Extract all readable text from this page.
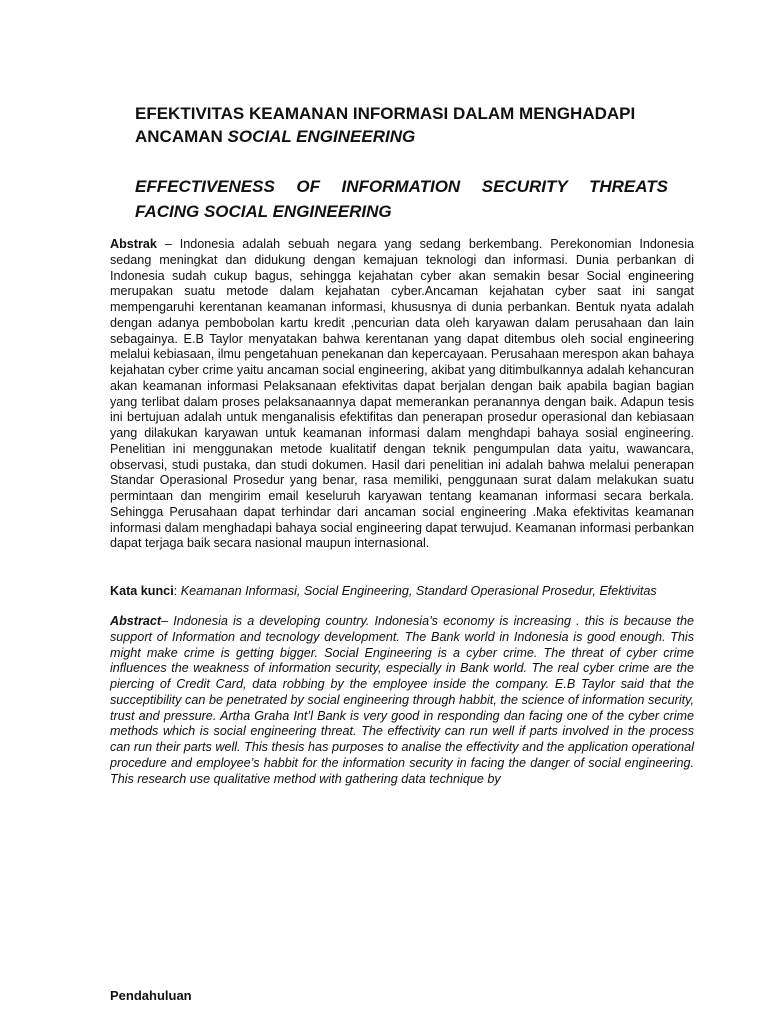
EFEKTIVITAS KEAMANAN INFORMASI DALAM MENGHADAPI ANCAMAN SOCIAL ENGINEERING
EFFECTIVENESS OF INFORMATION SECURITY THREATS FACING SOCIAL ENGINEERING

Abstrak – Indonesia adalah sebuah negara yang sedang berkembang. Perekonomian Indonesia sedang meningkat dan didukung dengan kemajuan teknologi dan informasi. Dunia perbankan di Indonesia sudah cukup bagus, sehingga kejahatan cyber akan semakin besar Social engineering merupakan suatu metode dalam kejahatan cyber.Ancaman kejahatan cyber saat ini sangat mempengaruhi kerentanan keamanan informasi, khususnya di dunia perbankan. Bentuk nyata adalah dengan adanya pembobolan kartu kredit ,pencurian data oleh karyawan dalam perusahaan dan lain sebagainya. E.B Taylor menyatakan bahwa kerentanan yang dapat ditembus oleh social engineering melalui kebiasaan, ilmu pengetahuan penekanan dan kepercayaan. Perusahaan merespon akan bahaya kejahatan cyber crime yaitu ancaman social engineering, akibat yang ditimbulkannya adalah kehancuran akan keamanan informasi Pelaksanaan efektivitas dapat berjalan dengan baik apabila bagian bagian yang terlibat dalam proses pelaksanaannya dapat memerankan peranannya dengan baik. Adapun tesis ini bertujuan adalah untuk menganalisis efektifitas dan penerapan prosedur operasional dan kebiasaan yang dilakukan karyawan untuk keamanan informasi dalam menghdapi bahaya sosial engineering. Penelitian ini menggunakan metode kualitatif dengan teknik pengumpulan data yaitu, wawancara, observasi, studi pustaka, dan studi dokumen. Hasil dari penelitian ini adalah bahwa melalui penerapan Standar Operasional Prosedur yang benar, rasa memiliki, penggunaan surat dalam melakukan suatu permintaan dan mengirim email keseluruh karyawan tentang keamanan informasi secara berkala. Sehingga Perusahaan dapat terhindar dari ancaman social engineering .Maka efektivitas keamanan informasi dalam menghadapi bahaya social engineering dapat terwujud. Keamanan informasi perbankan dapat terjaga baik secara nasional maupun internasional.

Kata kunci: Keamanan Informasi, Social Engineering, Standard Operasional Prosedur, Efektivitas

Abstract– Indonesia is a developing country. Indonesia’s economy is increasing . this is because the support of Information and tecnology development. The Bank world in Indonesia is good enough. This might make crime is getting bigger. Social Engineering is a cyber crime. The threat of cyber crime influences the weakness of information security, especially in Bank world. The real cyber crime are the piercing of Credit Card, data robbing by the employee inside the company. E.B Taylor said that the succeptibility can be penetrated by social engineering through habbit, the science of information security, trust and pressure. Artha Graha Int’l Bank is very good in responding dan facing one of the cyber crime methods which is social engineering threat. The effectivity can run well if parts involved in the process can run their parts well. This thesis has purposes to analise the effectivity and the application operational procedure and employee’s habbit for the information security in facing the danger of social engineering. This research use qualitative method with gathering data technique by

Pendahuluan
